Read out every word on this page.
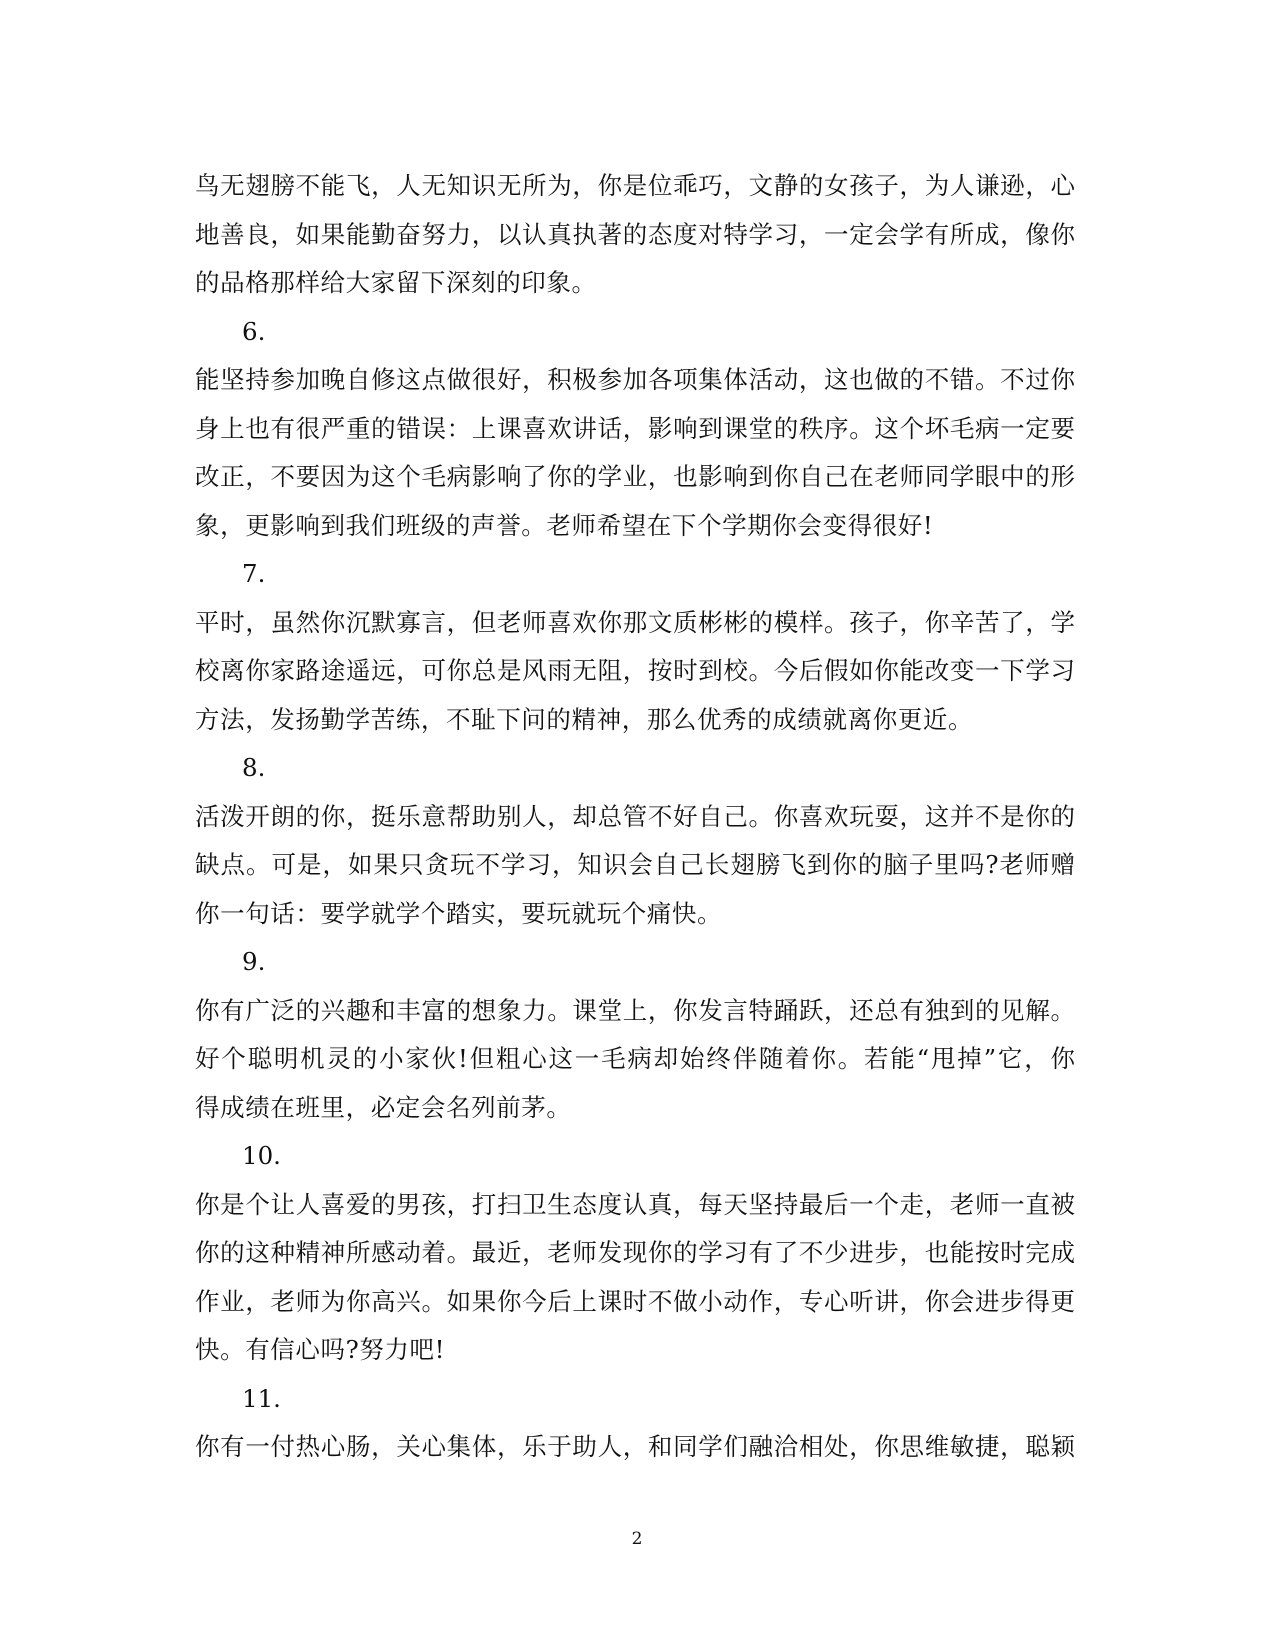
鸟无翅膀不能飞，人无知识无所为，你是位乖巧，文静的女孩子，为人谦逊，心
地善良，如果能勤奋努力，以认真执著的态度对特学习，一定会学有所成，像你
的品格那样给大家留下深刻的印象。
6.
能坚持参加晚自修这点做很好，积极参加各项集体活动，这也做的不错。不过你
身上也有很严重的错误：上课喜欢讲话，影响到课堂的秩序。这个坏毛病一定要
改正，不要因为这个毛病影响了你的学业，也影响到你自己在老师同学眼中的形
象，更影响到我们班级的声誉。老师希望在下个学期你会变得很好!
7.
平时，虽然你沉默寡言，但老师喜欢你那文质彬彬的模样。孩子，你辛苦了，学
校离你家路途遥远，可你总是风雨无阻，按时到校。今后假如你能改变一下学习
方法，发扬勤学苦练，不耻下问的精神，那么优秀的成绩就离你更近。
8.
活泼开朗的你，挺乐意帮助别人，却总管不好自己。你喜欢玩耍，这并不是你的
缺点。可是，如果只贪玩不学习，知识会自己长翅膀飞到你的脑子里吗?老师赠
你一句话：要学就学个踏实，要玩就玩个痛快。
9.
你有广泛的兴趣和丰富的想象力。课堂上，你发言特踊跃，还总有独到的见解。
好个聪明机灵的小家伙!但粗心这一毛病却始终伴随着你。若能“甩掉”它，你
得成绩在班里，必定会名列前茅。
10.
你是个让人喜爱的男孩，打扫卫生态度认真，每天坚持最后一个走，老师一直被
你的这种精神所感动着。最近，老师发现你的学习有了不少进步，也能按时完成
作业，老师为你高兴。如果你今后上课时不做小动作，专心听讲，你会进步得更
快。有信心吗?努力吧!
11.
你有一付热心肠，关心集体，乐于助人，和同学们融洽相处，你思维敏捷，聪颖
2
